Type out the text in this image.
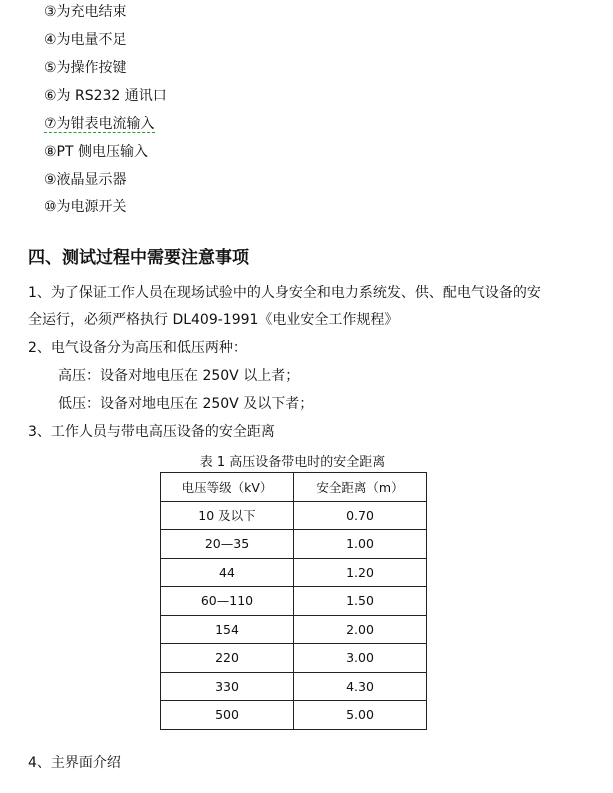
③为充电结束
④为电量不足
⑤为操作按键
⑥为 RS232 通讯口
⑦为钳表电流输入
⑧PT 侧电压输入
⑨液晶显示器
⑩为电源开关
四、测试过程中需要注意事项
1、为了保证工作人员在现场试验中的人身安全和电力系统发、供、配电气设备的安
全运行，必须严格执行 DL409-1991《电业安全工作规程》
2、电气设备分为高压和低压两种：
高压：设备对地电压在 250V 以上者；
低压：设备对地电压在 250V 及以下者；
3、工作人员与带电高压设备的安全距离
表 1 高压设备带电时的安全距离
电压等级（kV）	安全距离（m）
10 及以下	0.70
20—35	1.00
44	1.20
60—110	1.50
154	2.00
220	3.00
330	4.30
500	5.00
4、主界面介绍
